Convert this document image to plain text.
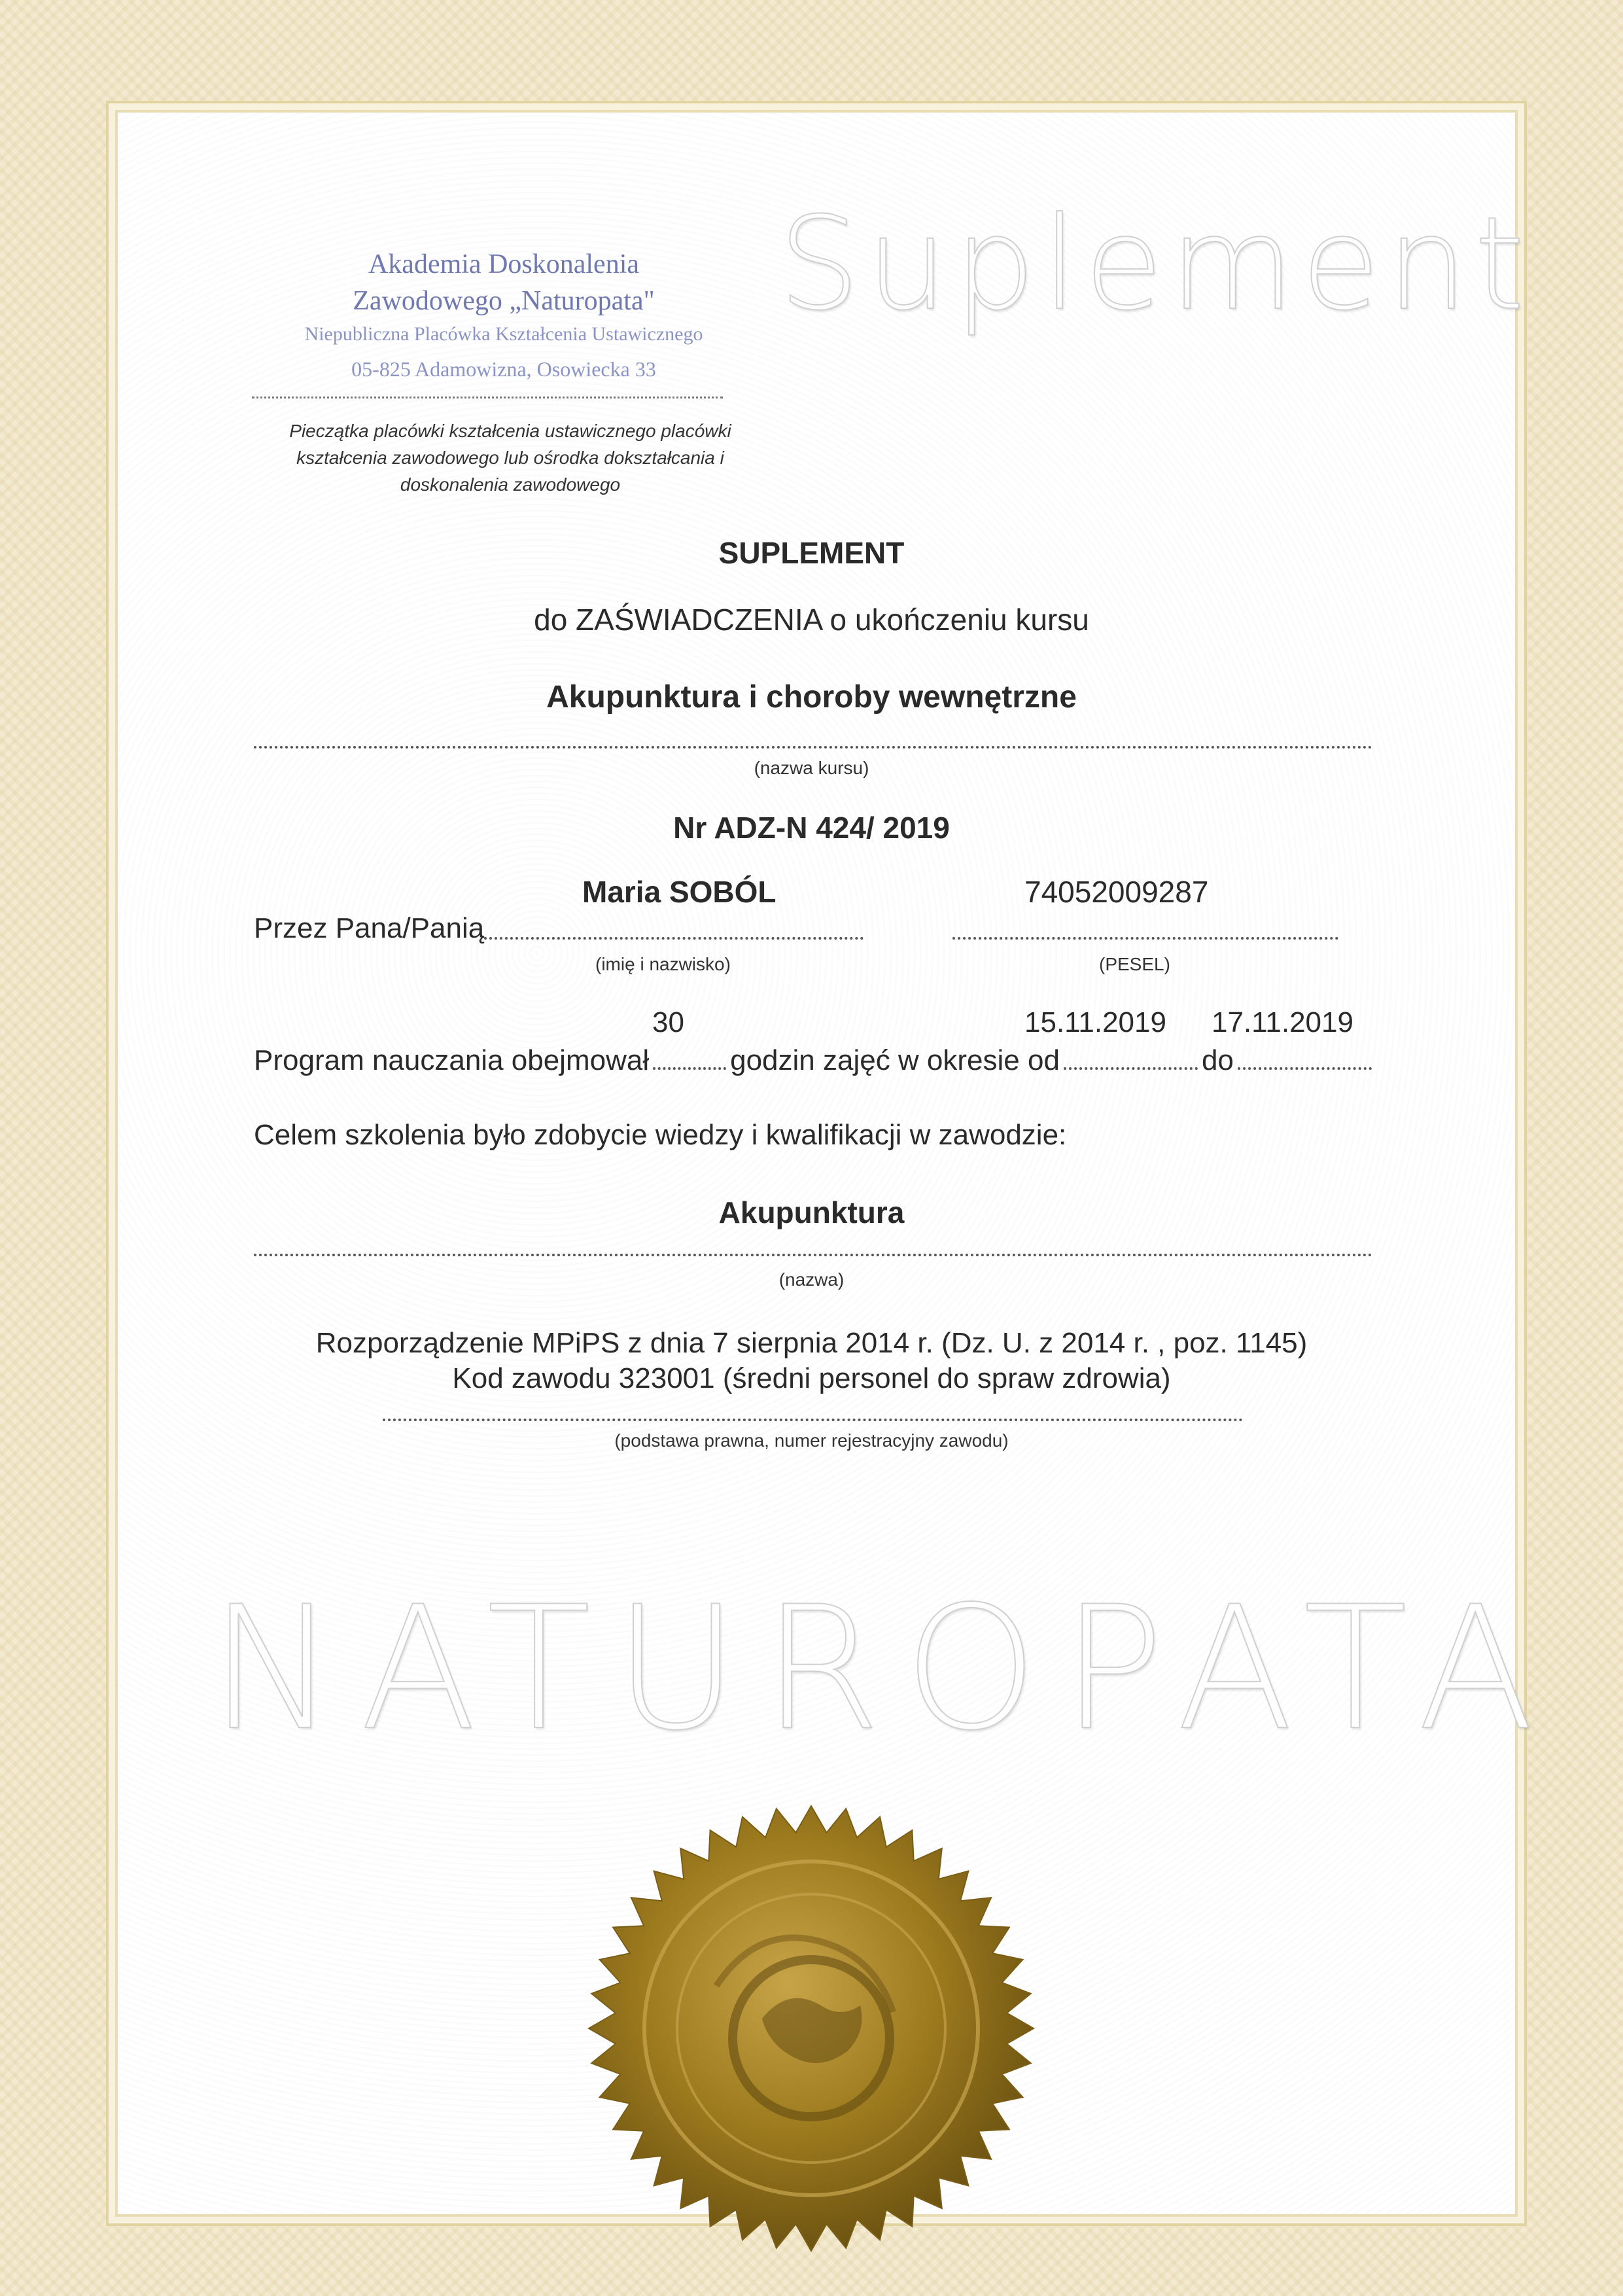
Akademia Doskonalenia
Zawodowego „Naturopata"
Niepubliczna Placówka Kształcenia Ustawicznego
05-825 Adamowizna, Osowiecka 33
Pieczątka placówki kształcenia ustawicznego placówki kształcenia zawodowego lub ośrodka dokształcania i doskonalenia zawodowego
Suplement
NATUROPATA
SUPLEMENT
do ZAŚWIADCZENIA o ukończeniu kursu
Akupunktura i choroby wewnętrzne
(nazwa kursu)
Nr ADZ-N 424/ 2019
Maria SOBÓL	74052009287
Przez Pana/Panią
(imię i nazwisko)	(PESEL)
30	15.11.2019 17.11.2019
Program nauczania obejmował	godzin zajęć w okresie od	do
Celem szkolenia było zdobycie wiedzy i kwalifikacji w zawodzie:
Akupunktura
(nazwa)
Rozporządzenie MPiPS z dnia 7 sierpnia 2014 r. (Dz. U. z 2014 r. , poz. 1145)
Kod zawodu 323001 (średni personel do spraw zdrowia)
(podstawa prawna, numer rejestracyjny zawodu)
